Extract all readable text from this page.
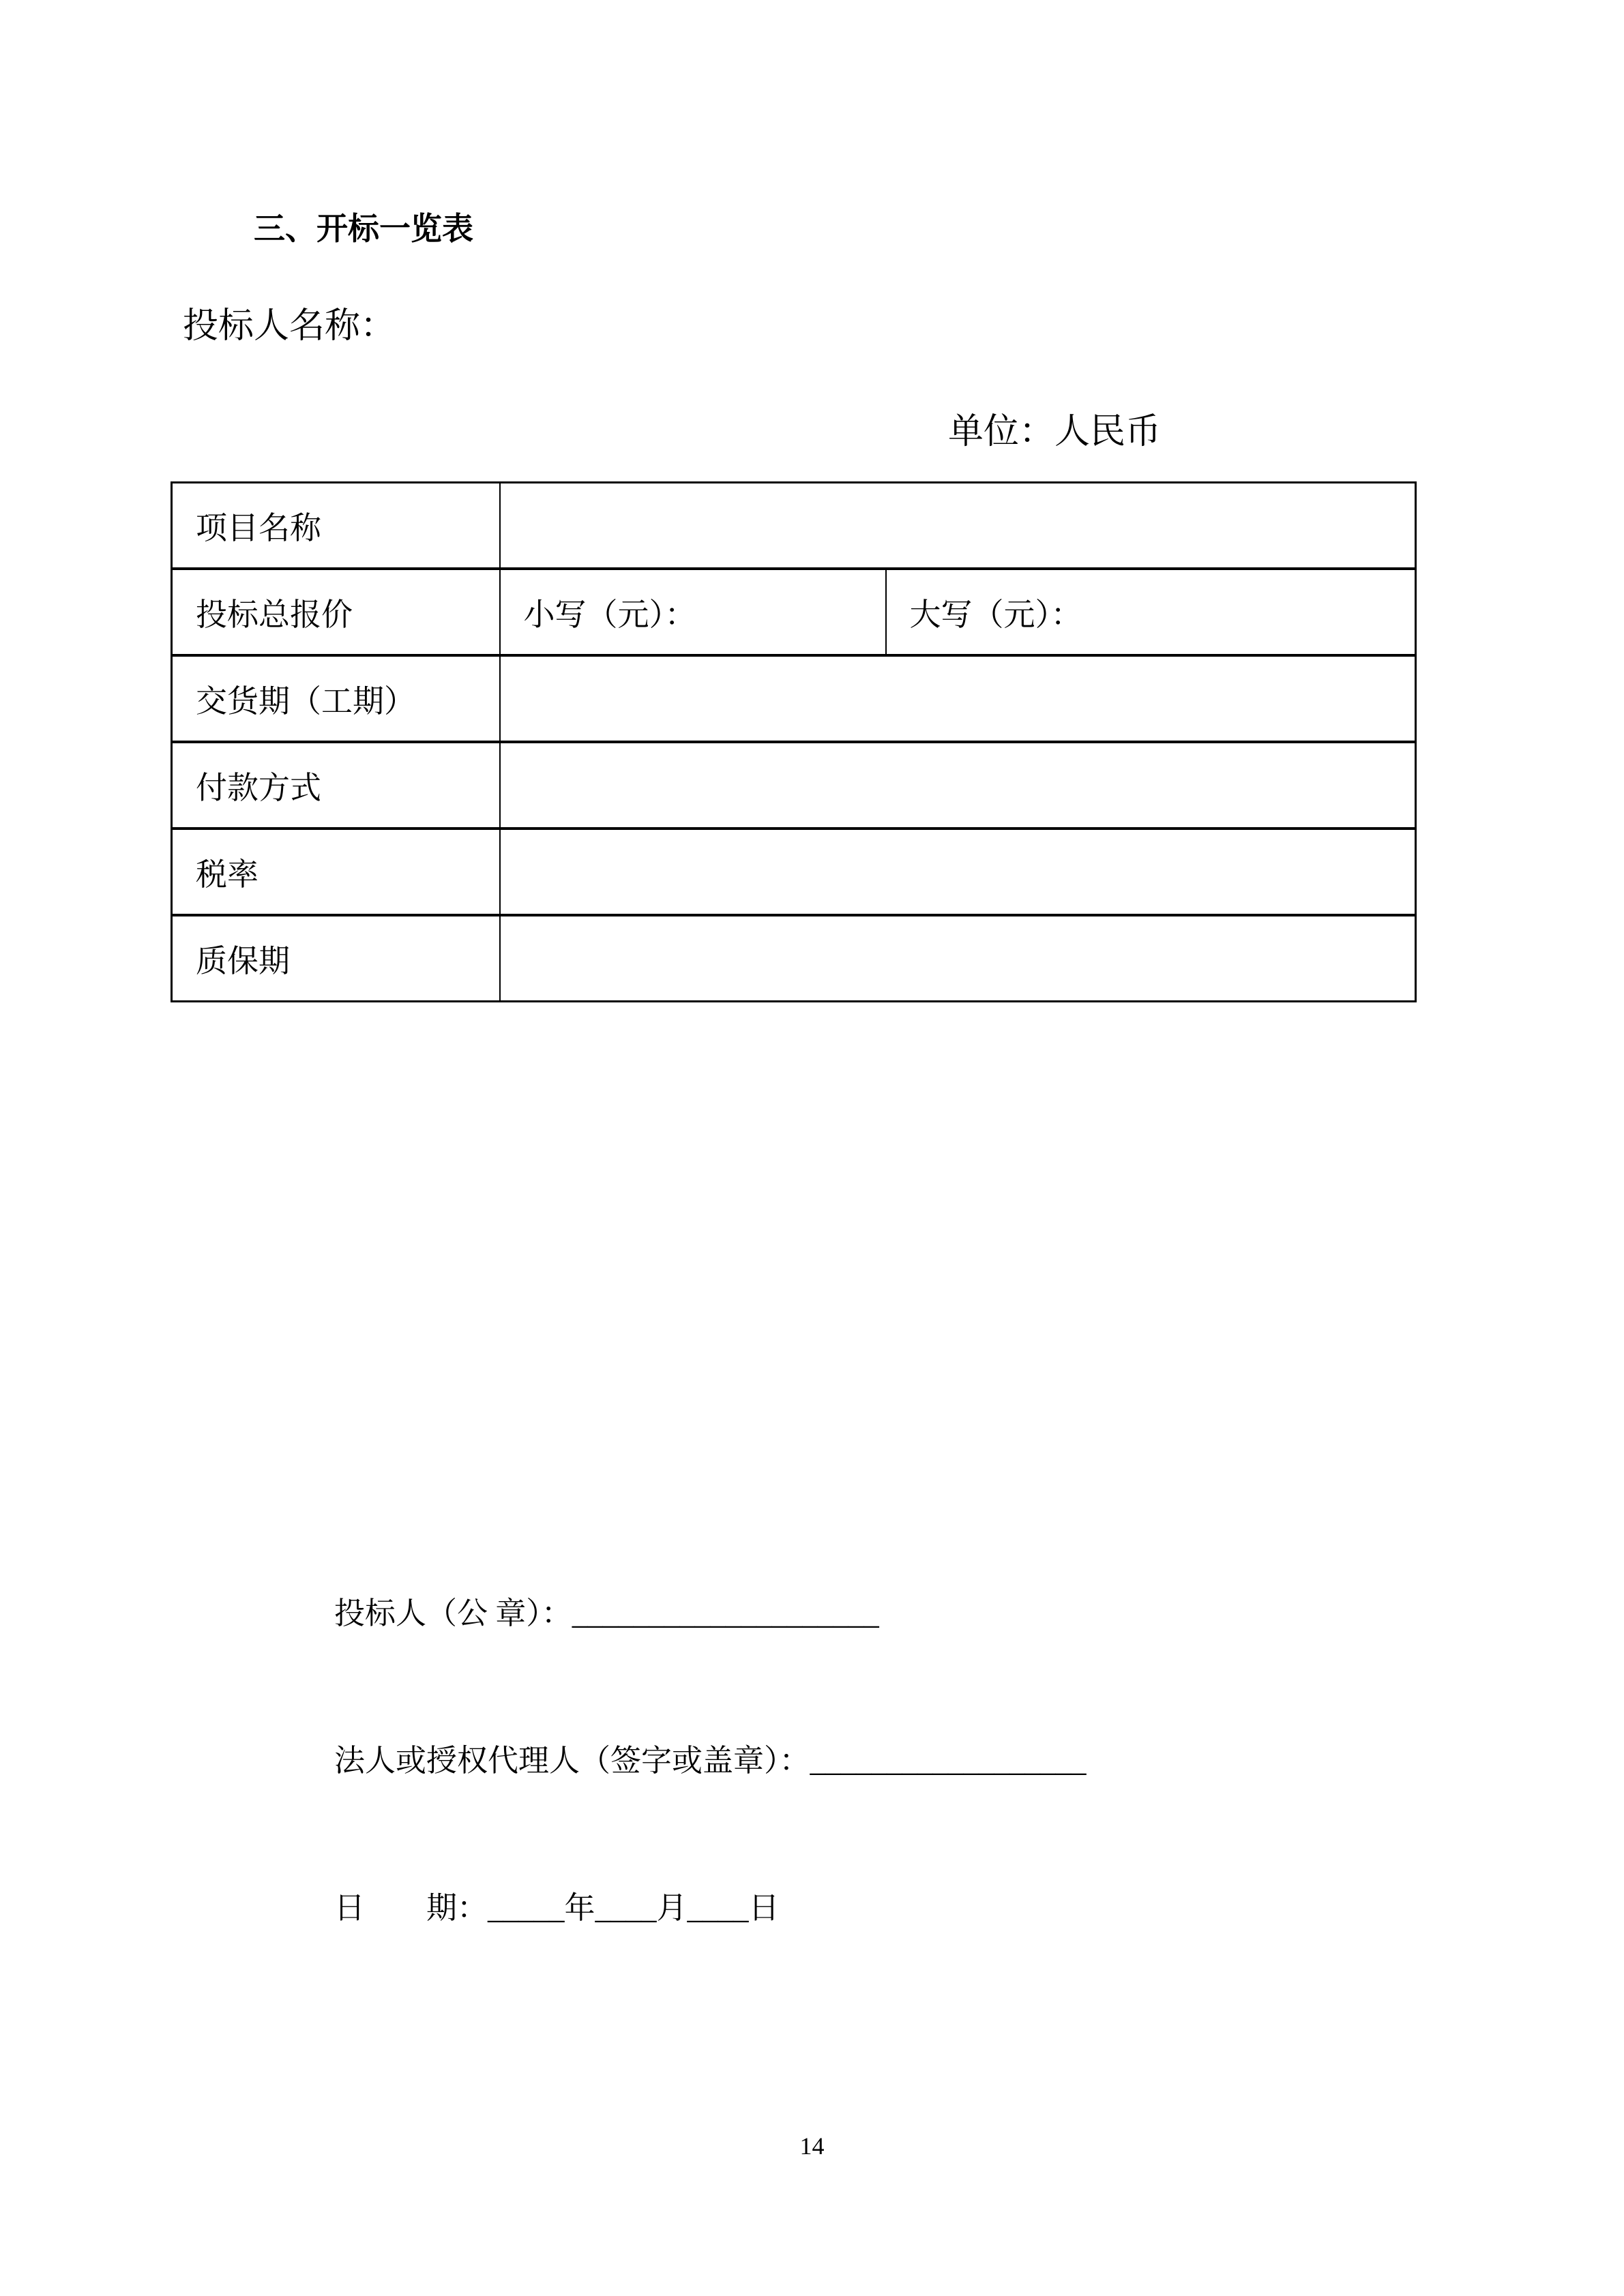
三、开标一览表
投标人名称：
单位：人民币
项目名称		
投标总报价	小写（元）：	大写（元）：
交货期（工期）		
付款方式		
税率		
质保期		

投标人（公 章）：____________________

法人或授权代理人（签字或盖章）：__________________

日        期：_____年____月____日

14
